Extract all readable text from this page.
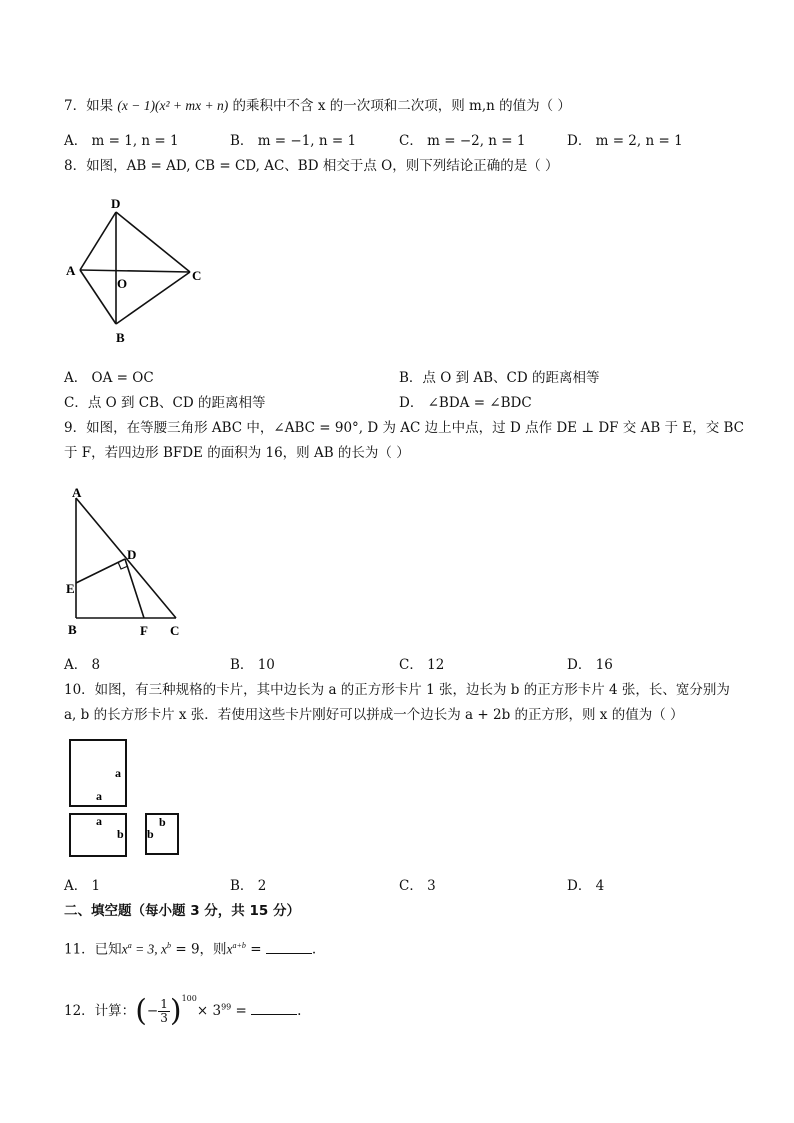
7．如果 (x − 1)(x² + mx + n) 的乘积中不含 x 的一次项和二次项，则 m,n 的值为（ ）
A． m = 1, n = 1	B． m = −1, n = 1	C． m = −2, n = 1	D． m = 2, n = 1
8．如图，AB = AD, CB = CD, AC、BD 相交于点 O，则下列结论正确的是（ ）
D
A	C
O
B
A． OA = OC	B．点 O 到 AB、CD 的距离相等
C．点 O 到 CB、CD 的距离相等	D． ∠BDA = ∠BDC
9．如图，在等腰三角形 ABC 中，∠ABC = 90°, D 为 AC 边上中点，过 D 点作 DE ⊥ DF 交 AB 于 E，交 BC
于 F，若四边形 BFDE 的面积为 16，则 AB 的长为（ ）
A
D
E
B	F C
A． 8	B． 10	C． 12	D． 16
10．如图，有三种规格的卡片，其中边长为 a 的正方形卡片 1 张，边长为 b 的正方形卡片 4 张，长、宽分别为
a, b 的长方形卡片 x 张．若使用这些卡片刚好可以拼成一个边长为 a + 2b 的正方形，则 x 的值为（ ）
a
a
a
b b
b
A． 1	B． 2	C． 3	D． 4
二、填空题（每小题 3 分，共 15 分）
11．已知$x^a = 3$, $x^b = 9$，则$x^{a+b}$ =	.
12．计算：(− $\frac{1}{3} )^{100}\times 3^{99}$ =	.
